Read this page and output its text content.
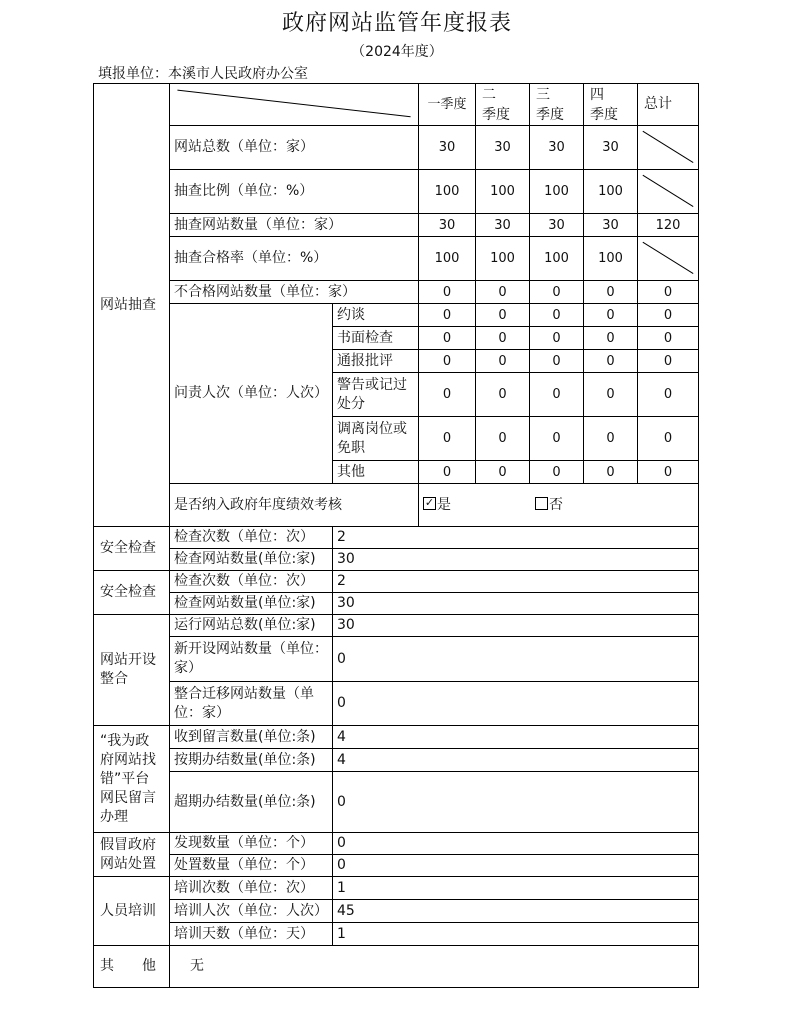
政府网站监管年度报表
（2024年度）
填报单位：本溪市人民政府办公室
网站抽查			一季度	二　季度	三　季度	四　季度	总计
	网站总数（单位：家）		30	30	30	30	

	抽查比例（单位：%）		100	100	100	100	

	抽查网站数量（单位：家）		30	30	30	30	120
	抽查合格率（单位：%）		100	100	100	100	

	不合格网站数量（单位：家）		0	0	0	0	0
	问责人次（单位：人次）	约谈	0	0	0	0	0
		书面检查	0	0	0	0	0
		通报批评	0	0	0	0	0
		警告或记过处分	0	0	0	0	0
		调离岗位或免职	0	0	0	0	0
		其他	0	0	0	0	0
	是否纳入政府年度绩效考核		✓ 是 否				

安全检查	检查次数（单位：次）	2					
	检查网站数量(单位:家)	30					
安全检查	检查次数（单位：次）	2					
	检查网站数量(单位:家)	30					
网站开设整合	运行网站总数(单位:家)	30					
	新开设网站数量（单位：家）	0					
	整合迁移网站数量（单位：家）	0					
“我为政府网站找错”平台网民留言办理	收到留言数量(单位:条)	4					
	按期办结数量(单位:条)	4					
	超期办结数量(单位:条)	0					
假冒政府网站处置	发现数量（单位：个）	0					
	处置数量（单位：个）	0					
人员培训	培训次数（单位：次）	1					
	培训人次（单位：人次）	45					
	培训天数（单位：天）	1					
其　　他	无						
